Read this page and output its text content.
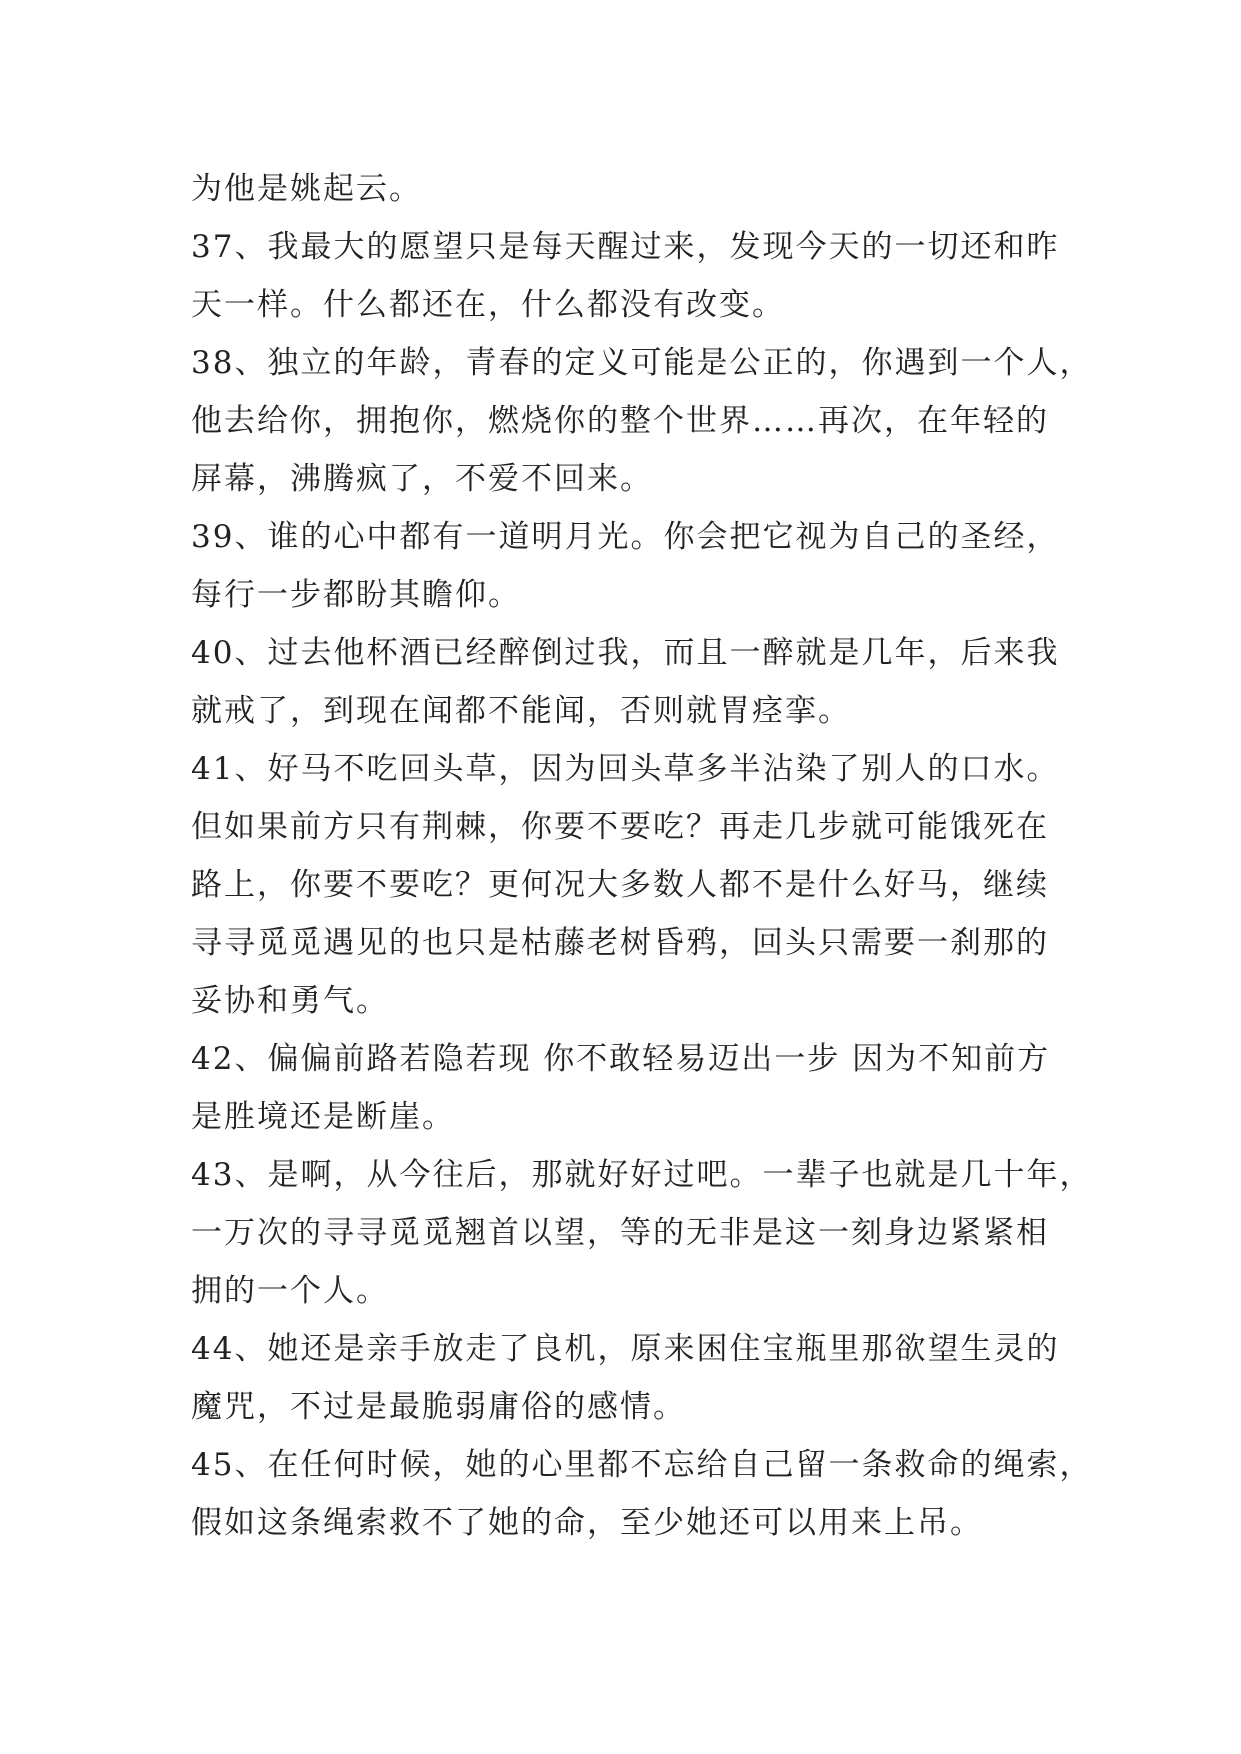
为他是姚起云。
37、我最大的愿望只是每天醒过来，发现今天的一切还和昨
天一样。什么都还在，什么都没有改变。
38、独立的年龄，青春的定义可能是公正的，你遇到一个人，
他去给你，拥抱你，燃烧你的整个世界……再次，在年轻的
屏幕，沸腾疯了，不爱不回来。
39、谁的心中都有一道明月光。你会把它视为自己的圣经，
每行一步都盼其瞻仰。
40、过去他杯酒已经醉倒过我，而且一醉就是几年，后来我
就戒了，到现在闻都不能闻，否则就胃痉挛。
41、好马不吃回头草，因为回头草多半沾染了别人的口水。
但如果前方只有荆棘，你要不要吃？再走几步就可能饿死在
路上，你要不要吃？更何况大多数人都不是什么好马，继续
寻寻觅觅遇见的也只是枯藤老树昏鸦，回头只需要一刹那的
妥协和勇气。
42、偏偏前路若隐若现 你不敢轻易迈出一步 因为不知前方
是胜境还是断崖。
43、是啊，从今往后，那就好好过吧。一辈子也就是几十年，
一万次的寻寻觅觅翘首以望，等的无非是这一刻身边紧紧相
拥的一个人。
44、她还是亲手放走了良机，原来困住宝瓶里那欲望生灵的
魔咒，不过是最脆弱庸俗的感情。
45、在任何时候，她的心里都不忘给自己留一条救命的绳索，
假如这条绳索救不了她的命，至少她还可以用来上吊。
